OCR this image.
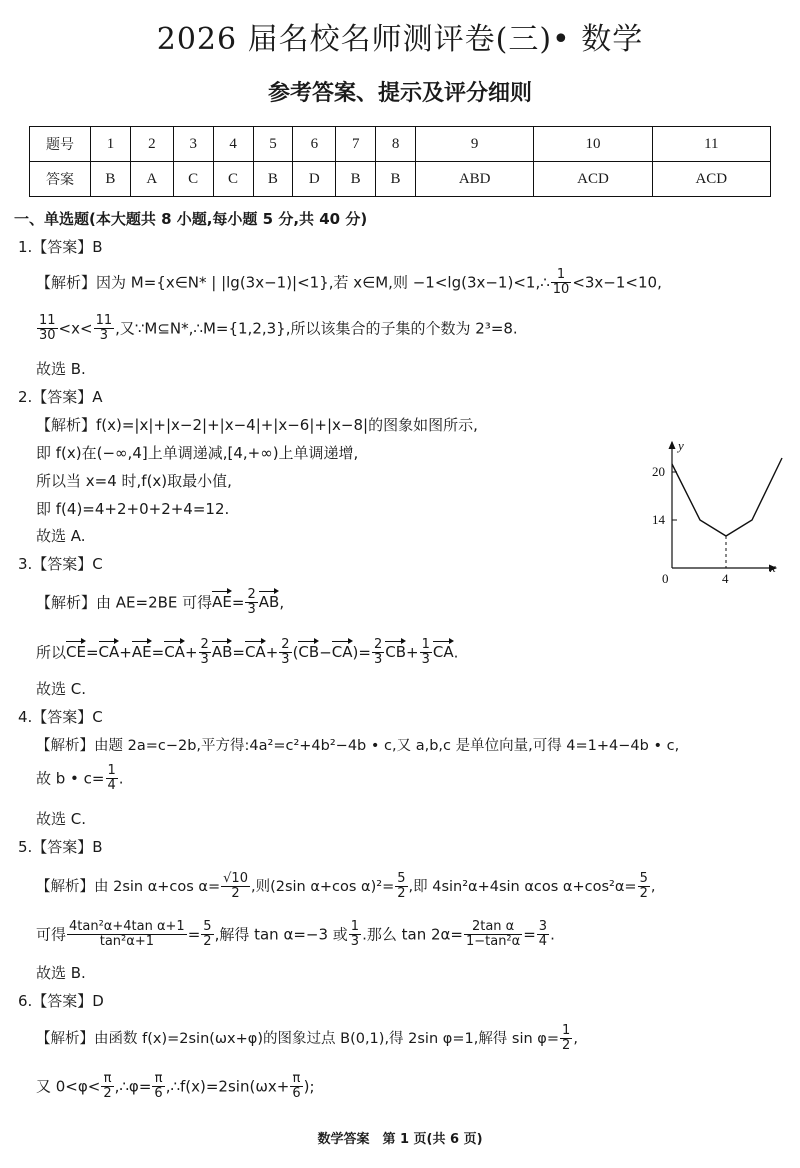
2026 届名校名师测评卷(三)• 数学
参考答案、提示及评分细则
题号	1	2	3	4	5	6	7	8	9	10	11
答案	B	A	C	C	B	D	B	B	ABD	ACD	ACD
一、单选题(本大题共 8 小题,每小题 5 分,共 40 分)
1.【答案】B
【解析】因为 M={x∈N* | |lg(3x−1)|<1},若 x∈M,则 −1<lg(3x−1)<1,∴ $\frac{1}{10} <3x-1<10$,
$\frac{11}{30} <x< \frac{11}{3}$ ,又∵M⊆N*,∴M={1,2,3},所以该集合的子集的个数为 2³=8.
故选 B.
2.【答案】A
【解析】f(x)=|x|+|x−2|+|x−4|+|x−6|+|x−8|的图象如图所示,
即 f(x)在(−∞,4]上单调递减,[4,+∞)上单调递增,
所以当 x=4 时,f(x)取最小值,
即 f(4)=4+2+0+2+4=12.
故选 A.
y
x
20
14
0	4
3.【答案】C
【解析】由 AE=2BE 可得$AE= \frac{2}{3}$ AB,
所以$CE=CA+AE=CA+ \frac{2}{3} AB=CA+ \frac{2}{3} (CB-CA)= \frac{2}{3} CB+ \frac{1}{3}$ CA.
故选 C.
4.【答案】C
【解析】由题 2a=c−2b,平方得:4a²=c²+4b²−4b • c,又 a,b,c 是单位向量,可得 4=1+4−4b • c,
故 b • $c= \frac{1}{4}$ .
故选 C.
5.【答案】B
【解析】由 2sin α+cos $\alpha= \frac{√10}{2}$ ,则(2sin α+cos $\alpha)^2= \frac{5}{2}$ ,即 4sin²α+4sin αcos $\alpha+\cos^2\alpha= \frac{5}{2}$ ,
可得 $\frac{\text{4tan²α+4tan α+1}}{\text{tan²α+1}} = \frac{5}{2}$ ,解得 tan α=−3 或 $\frac{1}{3}$ .那么 $\tan 2\alpha= \frac{\text{2tan α}}{\text{1−tan²α}} = \frac{3}{4}$ .
故选 B.
6.【答案】D
【解析】由函数 f(x)=2sin(ωx+φ)的图象过点 B(0,1),得 2sin φ=1,解得 $\sin \varphi= \frac{1}{2}$ ,
又 $0<\varphi< \frac{\pi}{2}$ ,∴φ= $\frac{\pi}{6}$ ,∴f(x)=2sin(ωx+ $\frac{\pi}{6}$ );
数学答案　第 1 页(共 6 页)
